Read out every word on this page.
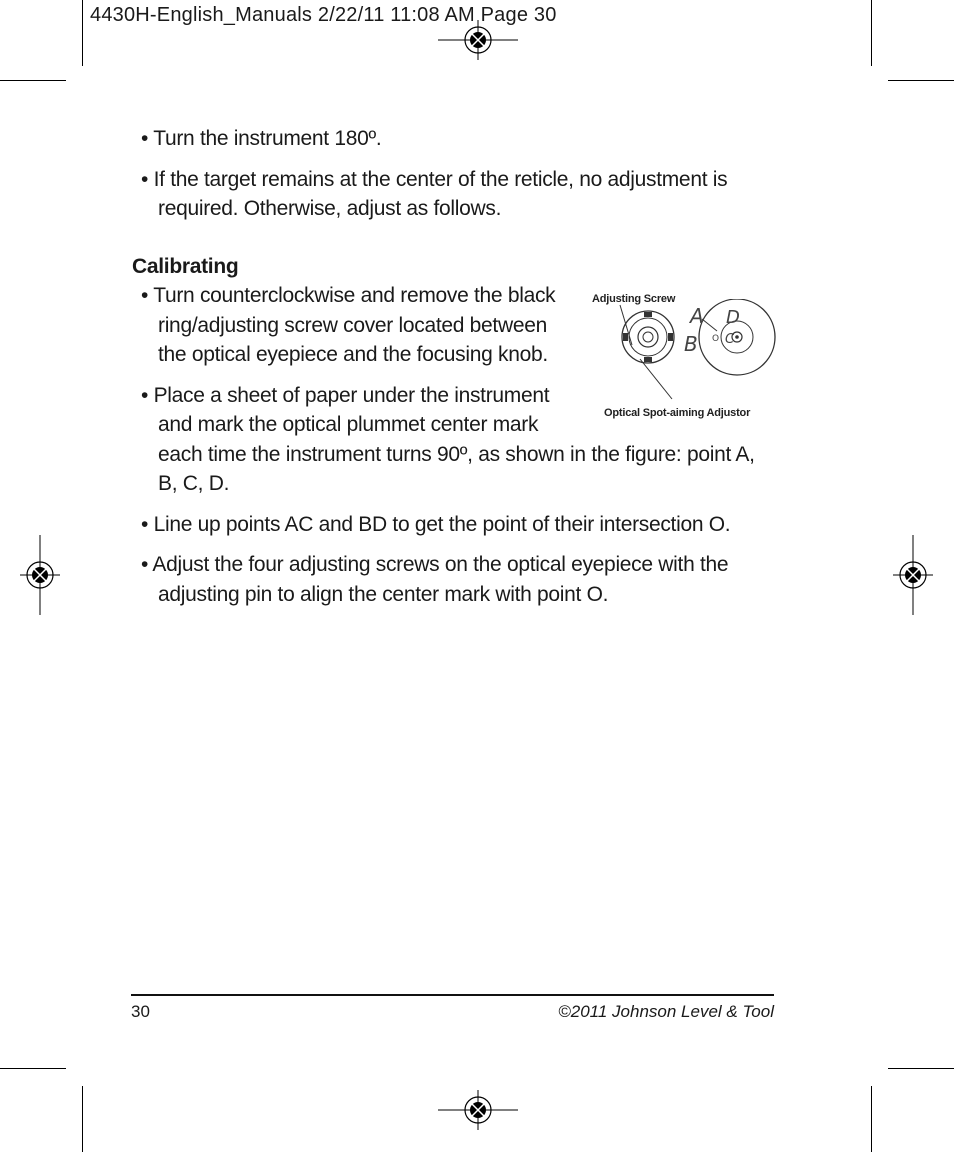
4430H-English_Manuals 2/22/11 11:08 AM Page 30

• Turn the instrument 180º.

• If the target remains at the center of the reticle, no adjustment is required. Otherwise, adjust as follows.

Calibrating
Adjusting Screw
A D
B C
O
Optical Spot-aiming Adjustor

• Turn counterclockwise and remove the black ring/adjusting screw cover located between the optical eyepiece and the focusing knob.

• Place a sheet of paper under the instrument and mark the optical plummet center mark each time the instrument turns 90º, as shown in the figure: point A, B, C, D.

• Line up points AC and BD to get the point of their intersection O.

• Adjust the four adjusting screws on the optical eyepiece with the adjusting pin to align the center mark with point O.

30	©2011 Johnson Level & Tool
